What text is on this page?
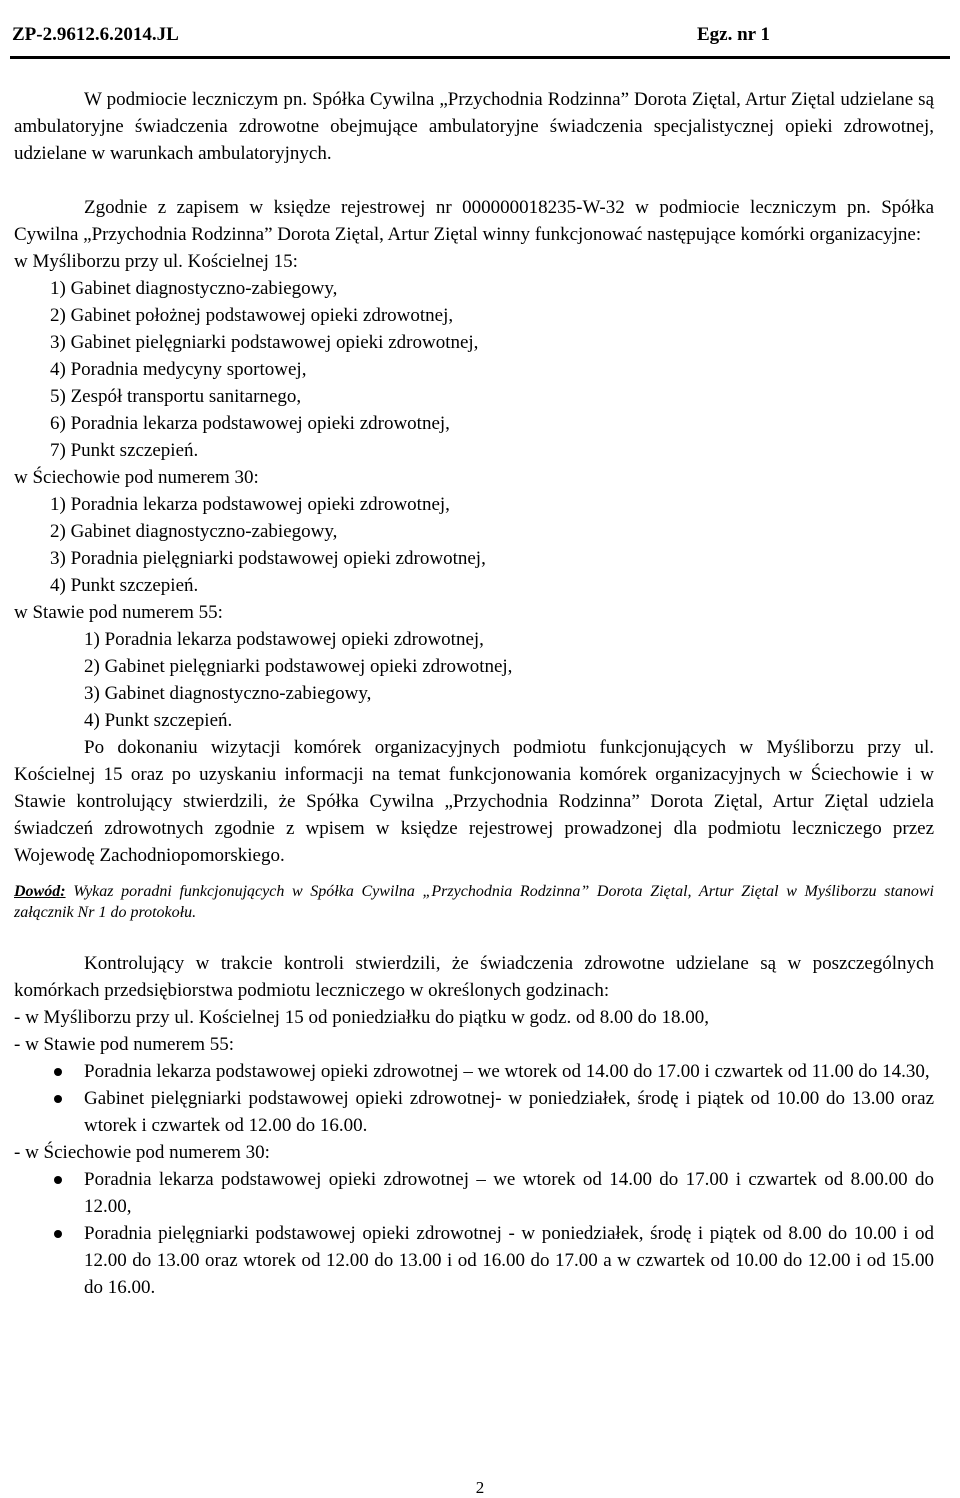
ZP-2.9612.6.2014.JL	Egz. nr 1

W podmiocie leczniczym pn. Spółka Cywilna „Przychodnia Rodzinna” Dorota Ziętal, Artur Ziętal udzielane są ambulatoryjne świadczenia zdrowotne obejmujące ambulatoryjne świadczenia specjalistycznej opieki zdrowotnej, udzielane w warunkach ambulatoryjnych.

Zgodnie z zapisem w księdze rejestrowej nr 000000018235-W-32 w podmiocie leczniczym pn. Spółka Cywilna „Przychodnia Rodzinna” Dorota Ziętal, Artur Ziętal winny funkcjonować następujące komórki organizacyjne:

w Myśliborzu przy ul. Kościelnej 15:

1) Gabinet diagnostyczno-zabiegowy,
2) Gabinet położnej podstawowej opieki zdrowotnej,
3) Gabinet pielęgniarki podstawowej opieki zdrowotnej,
4) Poradnia medycyny sportowej,
5) Zespół transportu sanitarnego,
6) Poradnia lekarza podstawowej opieki zdrowotnej,
7) Punkt szczepień.

w Ściechowie pod numerem 30:

1) Poradnia lekarza podstawowej opieki zdrowotnej,
2) Gabinet diagnostyczno-zabiegowy,
3) Poradnia pielęgniarki podstawowej opieki zdrowotnej,
4) Punkt szczepień.

w Stawie pod numerem 55:

1) Poradnia lekarza podstawowej opieki zdrowotnej,
2) Gabinet pielęgniarki podstawowej opieki zdrowotnej,
3) Gabinet diagnostyczno-zabiegowy,
4) Punkt szczepień.

Po dokonaniu wizytacji komórek organizacyjnych podmiotu funkcjonujących w Myśliborzu przy ul. Kościelnej 15 oraz po uzyskaniu informacji na temat funkcjonowania komórek organizacyjnych w Ściechowie i w Stawie kontrolujący stwierdzili, że Spółka Cywilna „Przychodnia Rodzinna” Dorota Ziętal, Artur Ziętal udziela świadczeń zdrowotnych zgodnie z wpisem w księdze rejestrowej prowadzonej dla podmiotu leczniczego przez Wojewodę Zachodniopomorskiego.

Dowód: Wykaz poradni funkcjonujących w Spółka Cywilna „Przychodnia Rodzinna” Dorota Ziętal, Artur Ziętal w Myśliborzu stanowi załącznik Nr 1 do protokołu.

Kontrolujący w trakcie kontroli stwierdzili, że świadczenia zdrowotne udzielane są w poszczególnych komórkach przedsiębiorstwa podmiotu leczniczego w określonych godzinach:

- w Myśliborzu przy ul. Kościelnej 15 od poniedziałku do piątku w godz. od 8.00 do 18.00,

- w Stawie pod numerem 55:

Poradnia lekarza podstawowej opieki zdrowotnej – we wtorek od 14.00 do 17.00 i czwartek od 11.00 do 14.30,
Gabinet pielęgniarki podstawowej opieki zdrowotnej- w poniedziałek, środę i piątek od 10.00 do 13.00 oraz wtorek i czwartek od 12.00 do 16.00.

- w Ściechowie pod numerem 30:

Poradnia lekarza podstawowej opieki zdrowotnej – we wtorek od 14.00 do 17.00 i czwartek od 8.00.00 do 12.00,
Poradnia pielęgniarki podstawowej opieki zdrowotnej - w poniedziałek, środę i piątek od 8.00 do 10.00 i od 12.00 do 13.00 oraz wtorek od 12.00 do 13.00 i od 16.00 do 17.00 a w czwartek od 10.00 do 12.00 i od 15.00 do 16.00.
2
